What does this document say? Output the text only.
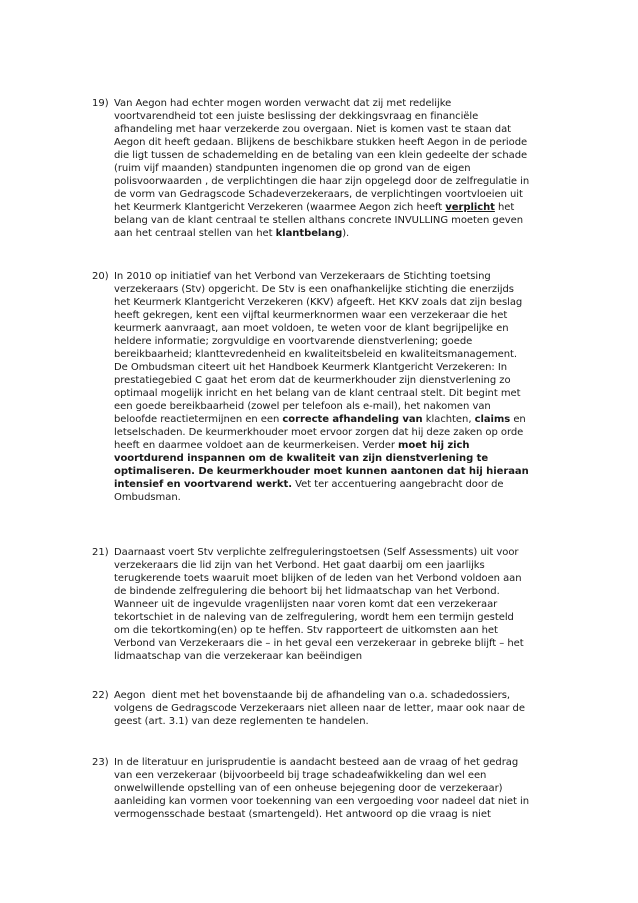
19) Van Aegon had echter mogen worden verwacht dat zij met redelijke
voortvarendheid tot een juiste beslissing der dekkingsvraag en financiële
afhandeling met haar verzekerde zou overgaan. Niet is komen vast te staan dat
Aegon dit heeft gedaan. Blijkens de beschikbare stukken heeft Aegon in de periode
die ligt tussen de schademelding en de betaling van een klein gedeelte der schade
(ruim vijf maanden) standpunten ingenomen die op grond van de eigen
polisvoorwaarden , de verplichtingen die haar zijn opgelegd door de zelfregulatie in
de vorm van Gedragscode Schadeverzekeraars, de verplichtingen voortvloeien uit
het Keurmerk Klantgericht Verzekeren (waarmee Aegon zich heeft verplicht het
belang van de klant centraal te stellen althans concrete INVULLING moeten geven
aan het centraal stellen van het klantbelang).
20) In 2010 op initiatief van het Verbond van Verzekeraars de Stichting toetsing
verzekeraars (Stv) opgericht. De Stv is een onafhankelijke stichting die enerzijds
het Keurmerk Klantgericht Verzekeren (KKV) afgeeft. Het KKV zoals dat zijn beslag
heeft gekregen, kent een vijftal keurmerknormen waar een verzekeraar die het
keurmerk aanvraagt, aan moet voldoen, te weten voor de klant begrijpelijke en
heldere informatie; zorgvuldige en voortvarende dienstverlening; goede
bereikbaarheid; klanttevredenheid en kwaliteitsbeleid en kwaliteitsmanagement.
De Ombudsman citeert uit het Handboek Keurmerk Klantgericht Verzekeren: In
prestatiegebied C gaat het erom dat de keurmerkhouder zijn dienstverlening zo
optimaal mogelijk inricht en het belang van de klant centraal stelt. Dit begint met
een goede bereikbaarheid (zowel per telefoon als e-mail), het nakomen van
beloofde reactietermijnen en een correcte afhandeling van klachten, claims en
letselschaden. De keurmerkhouder moet ervoor zorgen dat hij deze zaken op orde
heeft en daarmee voldoet aan de keurmerkeisen. Verder moet hij zich
voortdurend inspannen om de kwaliteit van zijn dienstverlening te
optimaliseren. De keurmerkhouder moet kunnen aantonen dat hij hieraan
intensief en voortvarend werkt. Vet ter accentuering aangebracht door de
Ombudsman.
21) Daarnaast voert Stv verplichte zelfreguleringstoetsen (Self Assessments) uit voor
verzekeraars die lid zijn van het Verbond. Het gaat daarbij om een jaarlijks
terugkerende toets waaruit moet blijken of de leden van het Verbond voldoen aan
de bindende zelfregulering die behoort bij het lidmaatschap van het Verbond.
Wanneer uit de ingevulde vragenlijsten naar voren komt dat een verzekeraar
tekortschiet in de naleving van de zelfregulering, wordt hem een termijn gesteld
om die tekortkoming(en) op te heffen. Stv rapporteert de uitkomsten aan het
Verbond van Verzekeraars die – in het geval een verzekeraar in gebreke blijft – het
lidmaatschap van die verzekeraar kan beëindigen
22) Aegon  dient met het bovenstaande bij de afhandeling van o.a. schadedossiers,
volgens de Gedragscode Verzekeraars niet alleen naar de letter, maar ook naar de
geest (art. 3.1) van deze reglementen te handelen.
23) In de literatuur en jurisprudentie is aandacht besteed aan de vraag of het gedrag
van een verzekeraar (bijvoorbeeld bij trage schadeafwikkeling dan wel een
onwelwillende opstelling van of een onheuse bejegening door de verzekeraar)
aanleiding kan vormen voor toekenning van een vergoeding voor nadeel dat niet in
vermogensschade bestaat (smartengeld). Het antwoord op die vraag is niet
